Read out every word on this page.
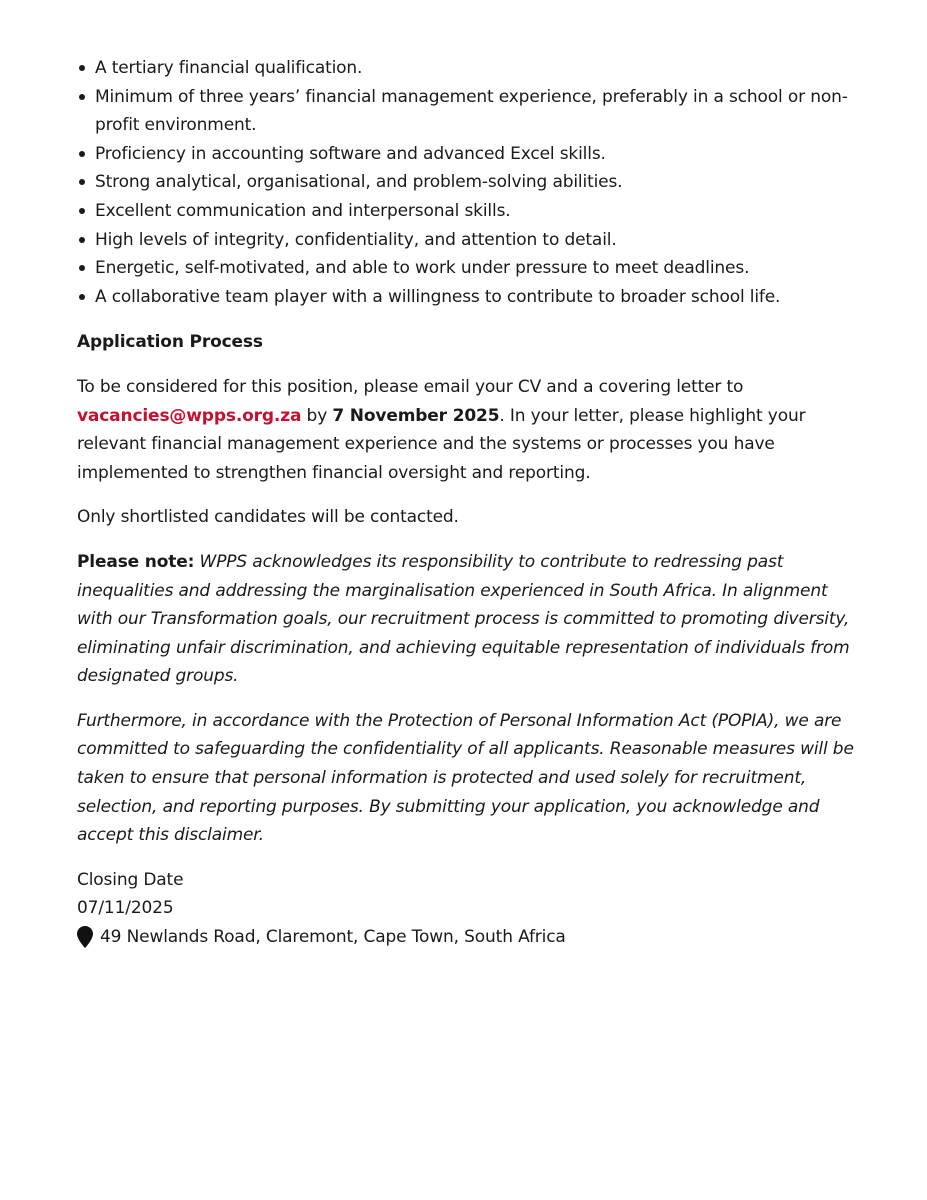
A tertiary financial qualification.
Minimum of three years’ financial management experience, preferably in a school or non-profit environment.
Proficiency in accounting software and advanced Excel skills.
Strong analytical, organisational, and problem-solving abilities.
Excellent communication and interpersonal skills.
High levels of integrity, confidentiality, and attention to detail.
Energetic, self-motivated, and able to work under pressure to meet deadlines.
A collaborative team player with a willingness to contribute to broader school life.
Application Process

To be considered for this position, please email your CV and a covering letter to vacancies@wpps.org.za by 7 November 2025. In your letter, please highlight your relevant financial management experience and the systems or processes you have implemented to strengthen financial oversight and reporting.

Only shortlisted candidates will be contacted.

Please note: WPPS acknowledges its responsibility to contribute to redressing past inequalities and addressing the marginalisation experienced in South Africa. In alignment with our Transformation goals, our recruitment process is committed to promoting diversity, eliminating unfair discrimination, and achieving equitable representation of individuals from designated groups.

Furthermore, in accordance with the Protection of Personal Information Act (POPIA), we are committed to safeguarding the confidentiality of all applicants. Reasonable measures will be taken to ensure that personal information is protected and used solely for recruitment, selection, and reporting purposes. By submitting your application, you acknowledge and accept this disclaimer.

Closing Date
07/11/2025
49 Newlands Road, Claremont, Cape Town, South Africa
